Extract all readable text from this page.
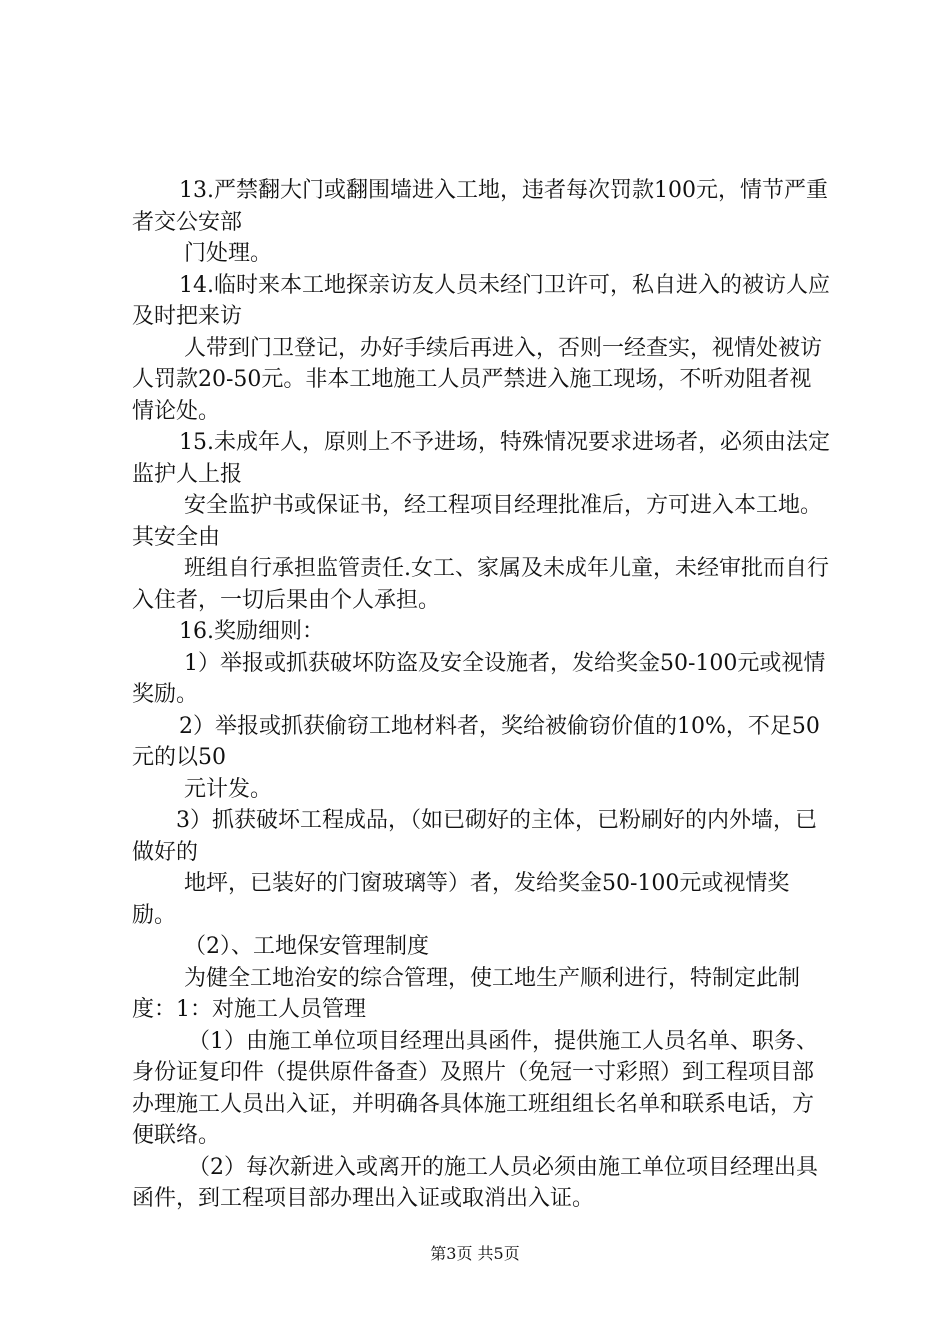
13.严禁翻大门或翻围墙进入工地，违者每次罚款100元，情节严重者交公安部

门处理。

14.临时来本工地探亲访友人员未经门卫许可，私自进入的被访人应及时把来访

人带到门卫登记，办好手续后再进入，否则一经查实，视情处被访人罚款20-50元。非本工地施工人员严禁进入施工现场，不听劝阻者视情论处。

15.未成年人，原则上不予进场，特殊情况要求进场者，必须由法定监护人上报

安全监护书或保证书，经工程项目经理批准后，方可进入本工地。其安全由

班组自行承担监管责任.女工、家属及未成年儿童，未经审批而自行入住者，一切后果由个人承担。

16.奖励细则：

1）举报或抓获破坏防盗及安全设施者，发给奖金50-100元或视情奖励。

2）举报或抓获偷窃工地材料者，奖给被偷窃价值的10%，不足50元的以50

元计发。

3）抓获破坏工程成品，（如已砌好的主体，已粉刷好的内外墙，已做好的

地坪，已装好的门窗玻璃等）者，发给奖金50-100元或视情奖励。

（2）、工地保安管理制度

为健全工地治安的综合管理，使工地生产顺利进行，特制定此制度：1：对施工人员管理

（1）由施工单位项目经理出具函件，提供施工人员名单、职务、身份证复印件（提供原件备查）及照片（免冠一寸彩照）到工程项目部办理施工人员出入证，并明确各具体施工班组组长名单和联系电话，方便联络。

（2）每次新进入或离开的施工人员必须由施工单位项目经理出具函件，到工程项目部办理出入证或取消出入证。

第3页 共5页
